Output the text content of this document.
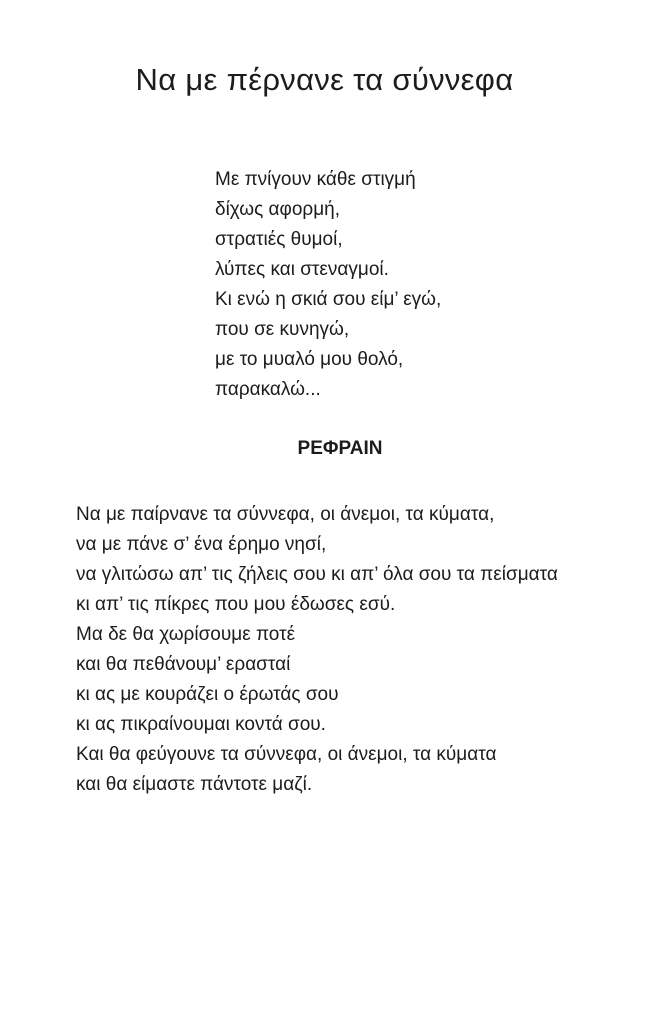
Να με πέρνανε τα σύννεφα
Με πνίγουν κάθε στιγμή
δίχως αφορμή,
στρατιές θυμοί,
λύπες και στεναγμοί.
Κι ενώ η σκιά σου είμ’ εγώ,
που σε κυνηγώ,
με το μυαλό μου θολό,
παρακαλώ...
ΡΕΦΡΑΙΝ
Να με παίρνανε τα σύννεφα, οι άνεμοι, τα κύματα,
να με πάνε σ’ ένα έρημο νησί,
να γλιτώσω απ’ τις ζήλεις σου κι απ’ όλα σου τα πείσματα
κι απ’ τις πίκρες που μου έδωσες εσύ.
Μα δε θα χωρίσουμε ποτέ
και θα πεθάνουμ’ ερασταί
κι ας με κουράζει ο έρωτάς σου
κι ας πικραίνουμαι κοντά σου.
Και θα φεύγουνε τα σύννεφα, οι άνεμοι, τα κύματα
και θα είμαστε πάντοτε μαζί.
